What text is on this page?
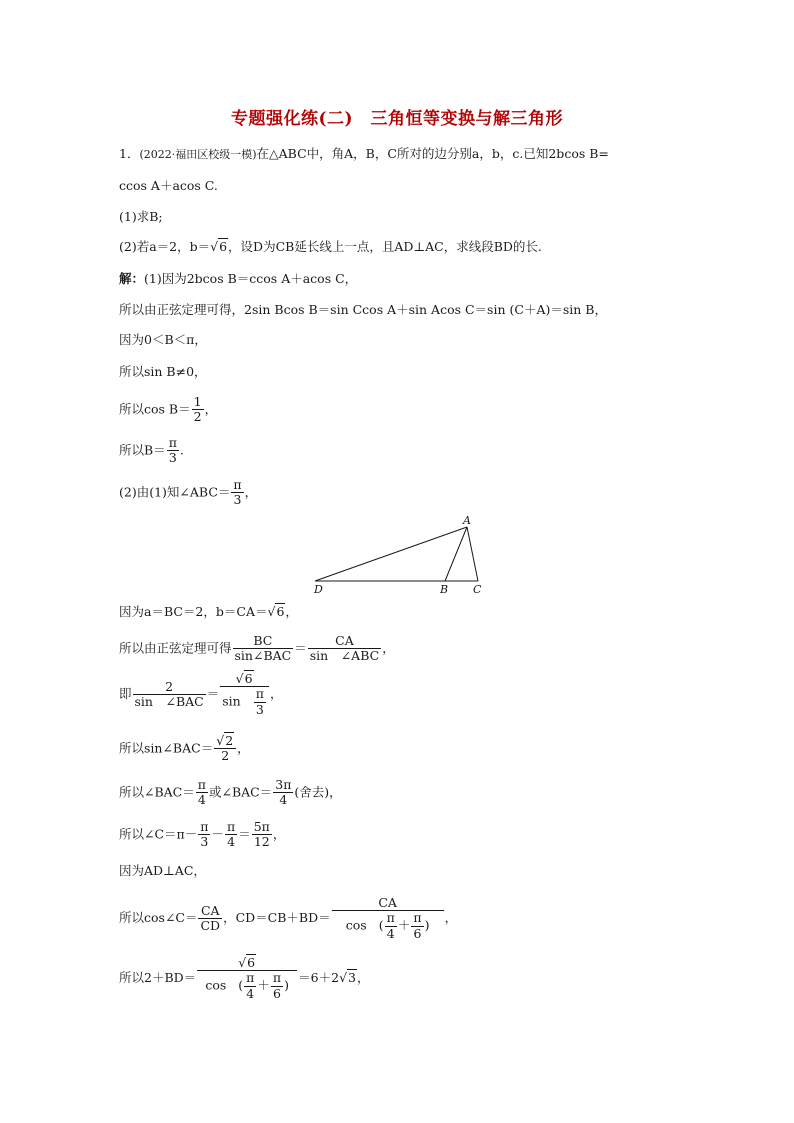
专题强化练(二)　三角恒等变换与解三角形
1．(2022·福田区校级一模)在△ABC中，角A，B，C所对的边分别a，b，c.已知2bcos B=
ccos A＋acos C.
(1)求B;
(2)若a＝2，b＝√6，设D为CB延长线上一点，且AD⊥AC，求线段BD的长.
解：(1)因为2bcos B＝ccos A＋acos C，
所以由正弦定理可得，2sin Bcos B＝sin Ccos A＋sin Acos C＝sin (C＋A)＝sin B，
因为0＜B＜π，
所以sin B≠0，
所以$\cos B= \frac{1}{2}$ ，
所以$B= \frac{\pi}{3}$ .
(2)由(1)知∠ABC＝ $\frac{\pi}{3}$ ，
A
D	B C
因为a＝BC＝2，b＝CA＝√6，
所以由正弦定理可得 $\frac{BC}{\text{sin∠BAC}} = \frac{CA}{\text{sin　∠ABC}}$ ，
即 $\frac{2}{\text{sin　∠BAC}} = \frac{√6}{\sin \frac{\pi}{3}}$ ，
所以sin∠BAC＝ $\frac{√2}{2}$ ，
所以∠BAC＝ $\frac{\pi}{4}$ 或∠BAC＝ $\frac{3\pi}{4}$ (舍去)，
所以∠C＝π－ $\frac{\pi}{3} - \frac{\pi}{4} = \frac{5\pi}{12}$ ，
因为AD⊥AC，
所以cos∠C＝ $\frac{CA}{CD}$ ，$CD=CB+BD= \frac{CA}{\cos ( \frac{\pi}{4} + \frac{\pi}{6} )}$ ，
所以$2+BD= \frac{√6}{\cos ( \frac{\pi}{4} + \frac{\pi}{6} )} =6+2√3$，
